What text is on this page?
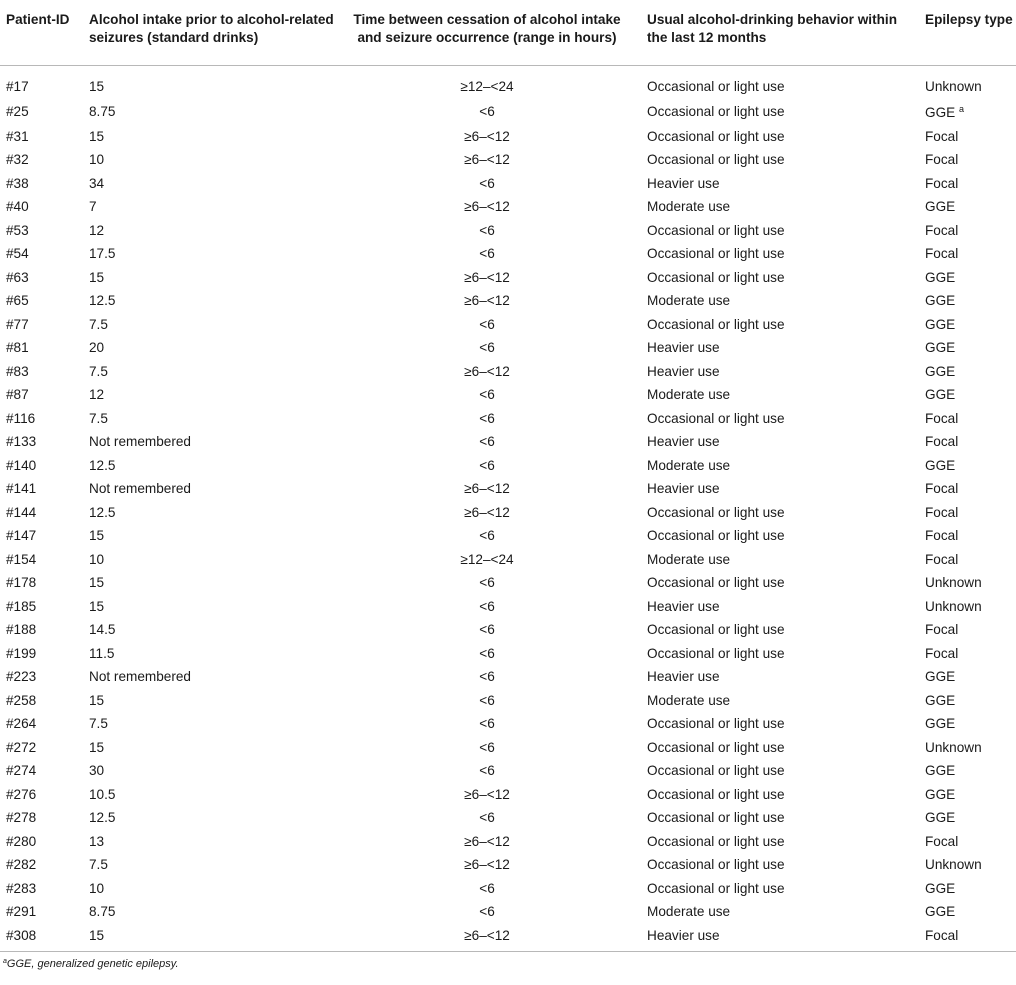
Patient-ID	Alcohol intake prior to alcohol-related seizures (standard drinks)	Time between cessation of alcohol intake and seizure occurrence (range in hours)	Usual alcohol-drinking behavior within the last 12 months	Epilepsy type
#17	15	≥12–<24	Occasional or light use	Unknown
#25	8.75	<6	Occasional or light use	GGE $^a$
#31	15	≥6–<12	Occasional or light use	Focal
#32	10	≥6–<12	Occasional or light use	Focal
#38	34	<6	Heavier use	Focal
#40	7	≥6–<12	Moderate use	GGE
#53	12	<6	Occasional or light use	Focal
#54	17.5	<6	Occasional or light use	Focal
#63	15	≥6–<12	Occasional or light use	GGE
#65	12.5	≥6–<12	Moderate use	GGE
#77	7.5	<6	Occasional or light use	GGE
#81	20	<6	Heavier use	GGE
#83	7.5	≥6–<12	Heavier use	GGE
#87	12	<6	Moderate use	GGE
#116	7.5	<6	Occasional or light use	Focal
#133	Not remembered	<6	Heavier use	Focal
#140	12.5	<6	Moderate use	GGE
#141	Not remembered	≥6–<12	Heavier use	Focal
#144	12.5	≥6–<12	Occasional or light use	Focal
#147	15	<6	Occasional or light use	Focal
#154	10	≥12–<24	Moderate use	Focal
#178	15	<6	Occasional or light use	Unknown
#185	15	<6	Heavier use	Unknown
#188	14.5	<6	Occasional or light use	Focal
#199	11.5	<6	Occasional or light use	Focal
#223	Not remembered	<6	Heavier use	GGE
#258	15	<6	Moderate use	GGE
#264	7.5	<6	Occasional or light use	GGE
#272	15	<6	Occasional or light use	Unknown
#274	30	<6	Occasional or light use	GGE
#276	10.5	≥6–<12	Occasional or light use	GGE
#278	12.5	<6	Occasional or light use	GGE
#280	13	≥6–<12	Occasional or light use	Focal
#282	7.5	≥6–<12	Occasional or light use	Unknown
#283	10	<6	Occasional or light use	GGE
#291	8.75	<6	Moderate use	GGE
#308	15	≥6–<12	Heavier use	Focal
$^a$GGE, generalized genetic epilepsy.
